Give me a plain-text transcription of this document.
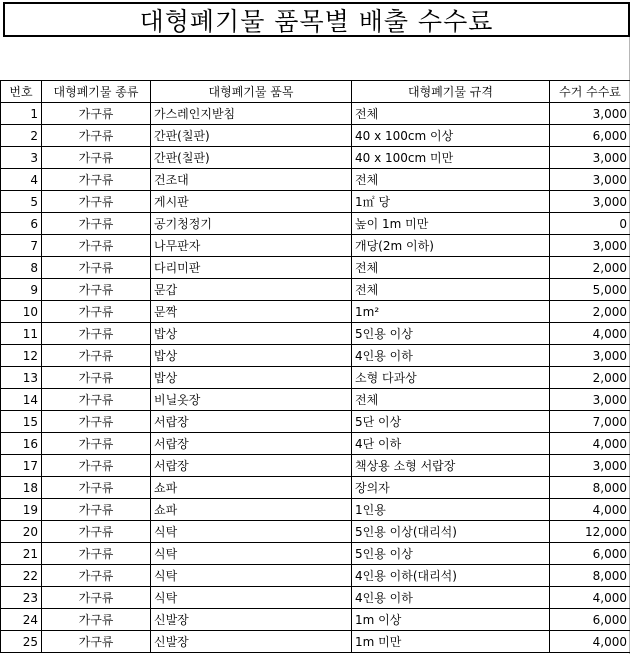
대형폐기물 품목별 배출 수수료
번호	대형폐기물 종류	대형폐기물 품목	대형폐기물 규격	수거 수수료
1	가구류	가스레인지받침	전체	3,000
2	가구류	간판(칠판)	40 x 100cm 이상	6,000
3	가구류	간판(칠판)	40 x 100cm 미만	3,000
4	가구류	건조대	전체	3,000
5	가구류	게시판	1㎡ 당	3,000
6	가구류	공기청정기	높이 1m 미만	0
7	가구류	나무판자	개당(2m 이하)	3,000
8	가구류	다리미판	전체	2,000
9	가구류	문갑	전체	5,000
10	가구류	문짝	1m²	2,000
11	가구류	밥상	5인용 이상	4,000
12	가구류	밥상	4인용 이하	3,000
13	가구류	밥상	소형 다과상	2,000
14	가구류	비닐옷장	전체	3,000
15	가구류	서랍장	5단 이상	7,000
16	가구류	서랍장	4단 이하	4,000
17	가구류	서랍장	책상용 소형 서랍장	3,000
18	가구류	쇼파	장의자	8,000
19	가구류	쇼파	1인용	4,000
20	가구류	식탁	5인용 이상(대리석)	12,000
21	가구류	식탁	5인용 이상	6,000
22	가구류	식탁	4인용 이하(대리석)	8,000
23	가구류	식탁	4인용 이하	4,000
24	가구류	신발장	1m 이상	6,000
25	가구류	신발장	1m 미만	4,000
